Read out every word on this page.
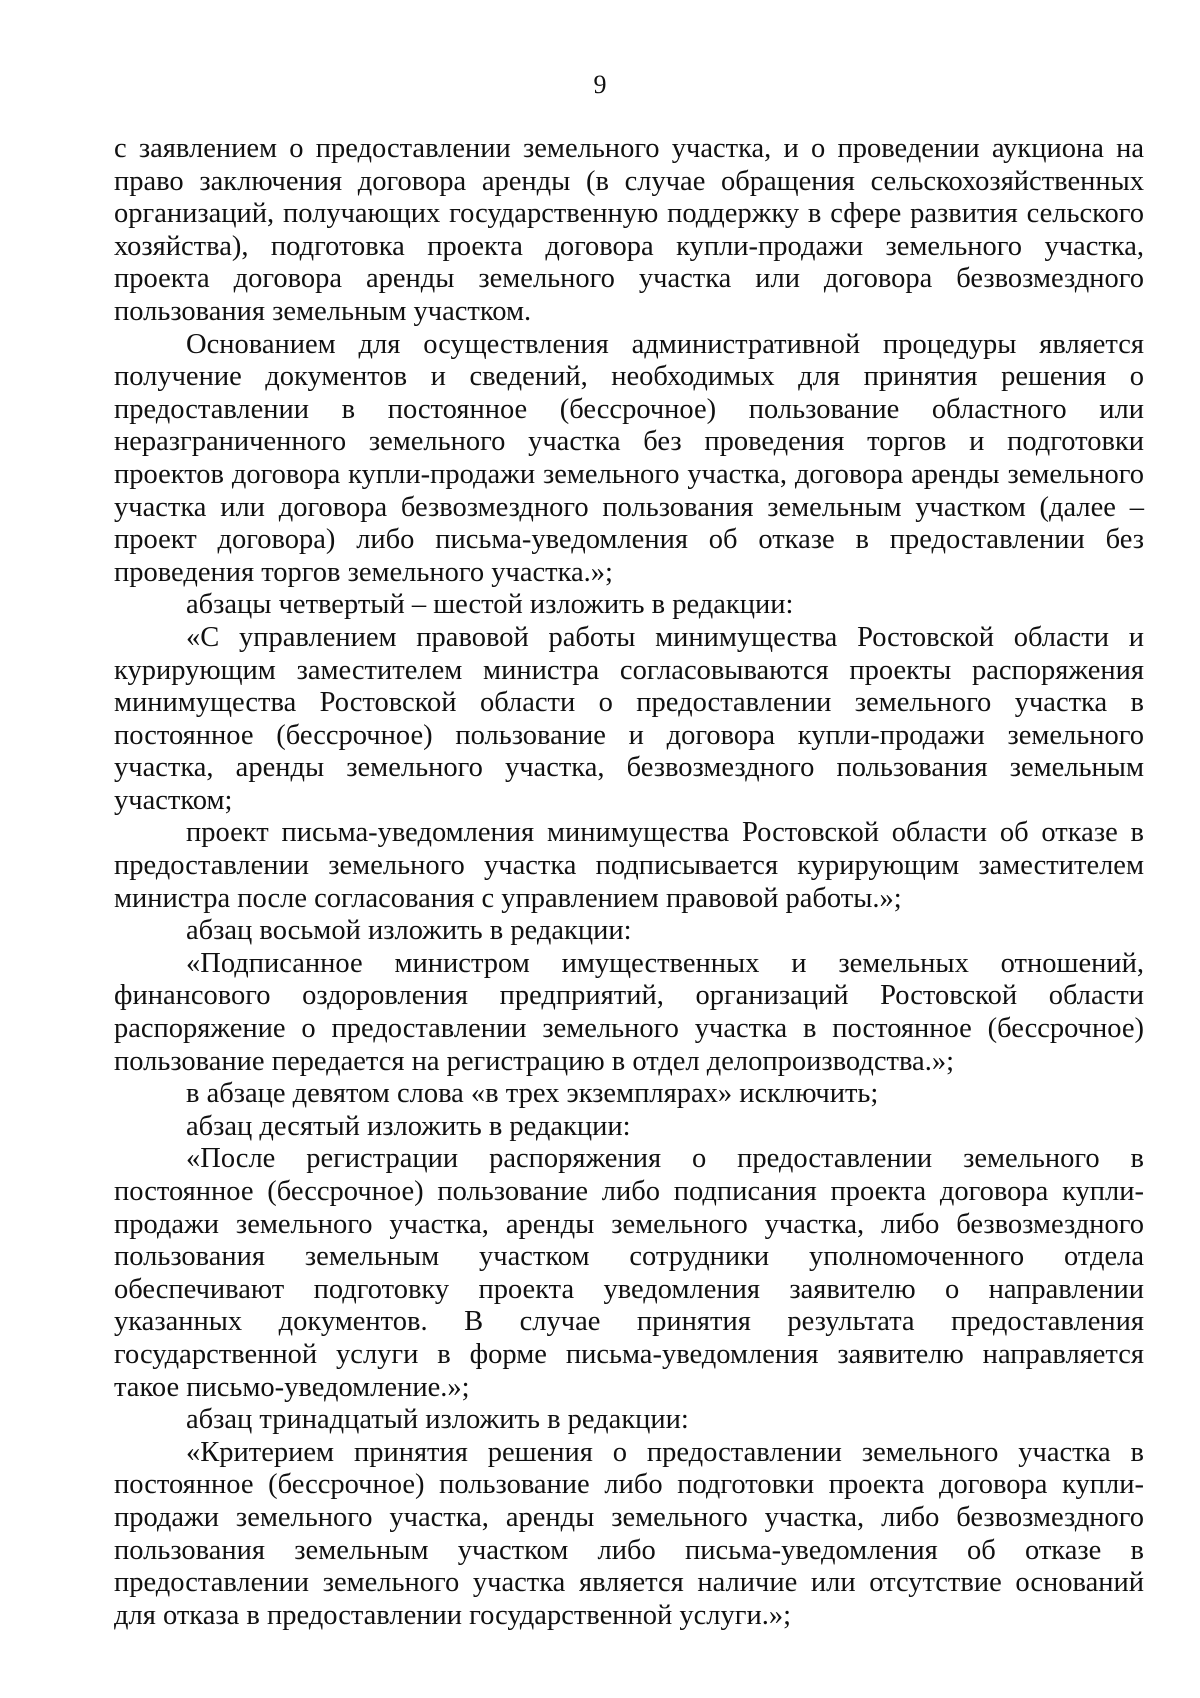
9

с заявлением о предоставлении земельного участка, и о проведении аукциона на право заключения договора аренды (в случае обращения сельскохозяйственных организаций, получающих государственную поддержку в сфере развития сельского хозяйства), подготовка проекта договора купли-продажи земельного участка, проекта договора аренды земельного участка или договора безвозмездного пользования земельным участком.

Основанием для осуществления административной процедуры является получение документов и сведений, необходимых для принятия решения о предоставлении в постоянное (бессрочное) пользование областного или неразграниченного земельного участка без проведения торгов и подготовки проектов договора купли-продажи земельного участка, договора аренды земельного участка или договора безвозмездного пользования земельным участком (далее – проект договора) либо письма-уведомления об отказе в предоставлении без проведения торгов земельного участка.»;

абзацы четвертый – шестой изложить в редакции:

«С управлением правовой работы минимущества Ростовской области и курирующим заместителем министра согласовываются проекты распоряжения минимущества Ростовской области о предоставлении земельного участка в постоянное (бессрочное) пользование и договора купли-продажи земельного участка, аренды земельного участка, безвозмездного пользования земельным участком;

проект письма-уведомления минимущества Ростовской области об отказе в предоставлении земельного участка подписывается курирующим заместителем министра после согласования с управлением правовой работы.»;

абзац восьмой изложить в редакции:

«Подписанное министром имущественных и земельных отношений, финансового оздоровления предприятий, организаций Ростовской области распоряжение о предоставлении земельного участка в постоянное (бессрочное) пользование передается на регистрацию в отдел делопроизводства.»;

в абзаце девятом слова «в трех экземплярах» исключить;

абзац десятый изложить в редакции:

«После регистрации распоряжения о предоставлении земельного в постоянное (бессрочное) пользование либо подписания проекта договора купли-продажи земельного участка, аренды земельного участка, либо безвозмездного пользования земельным участком сотрудники уполномоченного отдела обеспечивают подготовку проекта уведомления заявителю о направлении указанных документов. В случае принятия результата предоставления государственной услуги в форме письма-уведомления заявителю направляется такое письмо-уведомление.»;

абзац тринадцатый изложить в редакции:

«Критерием принятия решения о предоставлении земельного участка в постоянное (бессрочное) пользование либо подготовки проекта договора купли-продажи земельного участка, аренды земельного участка, либо безвозмездного пользования земельным участком либо письма-уведомления об отказе в предоставлении земельного участка является наличие или отсутствие оснований для отказа в предоставлении государственной услуги.»;
